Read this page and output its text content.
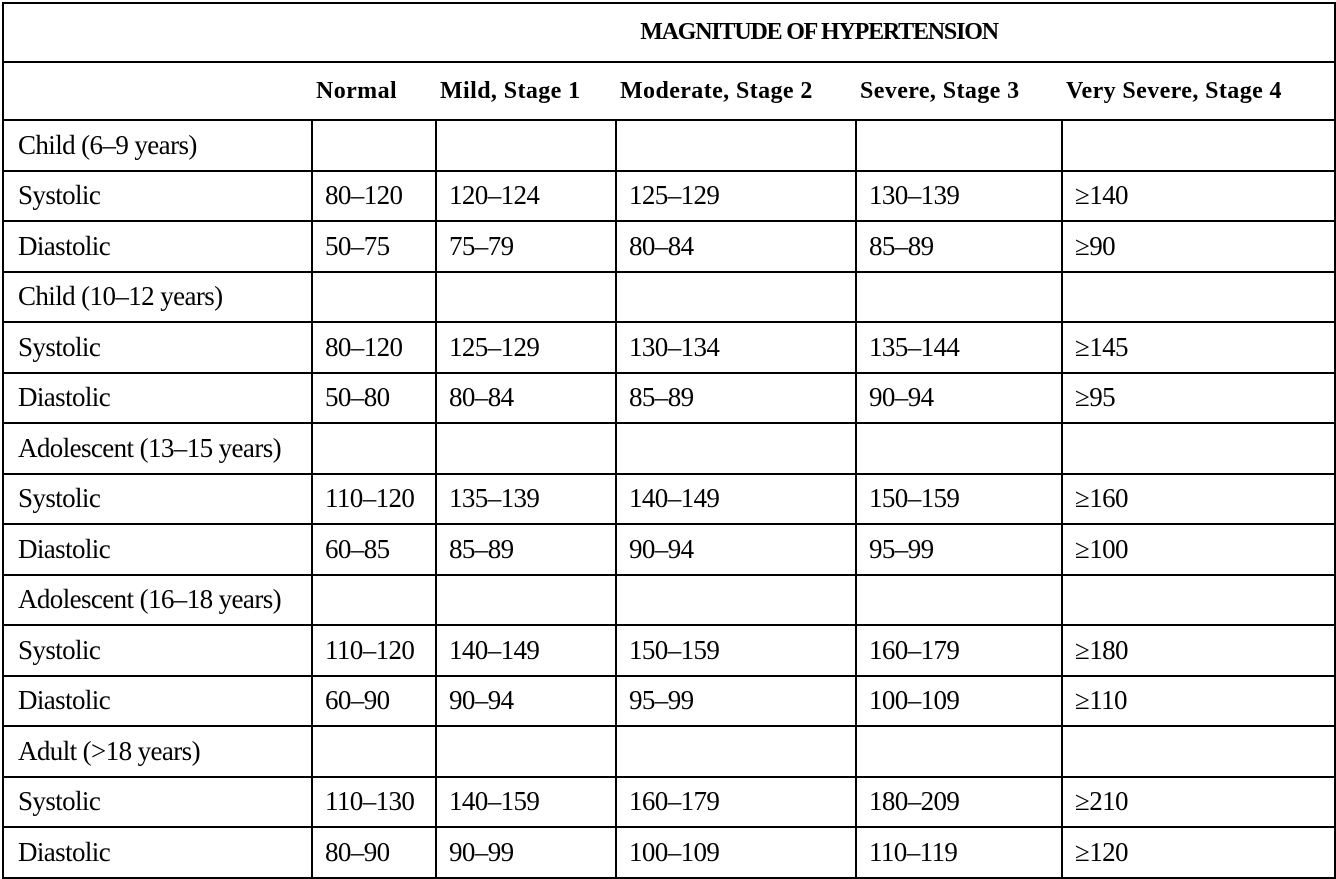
MAGNITUDE OF HYPERTENSION					
	Normal	Mild, Stage 1	Moderate, Stage 2	Severe, Stage 3	Very Severe, Stage 4
Child (6–9 years)					
Systolic	80–120	120–124	125–129	130–139	≥140
Diastolic	50–75	75–79	80–84	85–89	≥90
Child (10–12 years)					
Systolic	80–120	125–129	130–134	135–144	≥145
Diastolic	50–80	80–84	85–89	90–94	≥95
Adolescent (13–15 years)					
Systolic	110–120	135–139	140–149	150–159	≥160
Diastolic	60–85	85–89	90–94	95–99	≥100
Adolescent (16–18 years)					
Systolic	110–120	140–149	150–159	160–179	≥180
Diastolic	60–90	90–94	95–99	100–109	≥110
Adult (>18 years)					
Systolic	110–130	140–159	160–179	180–209	≥210
Diastolic	80–90	90–99	100–109	110–119	≥120
